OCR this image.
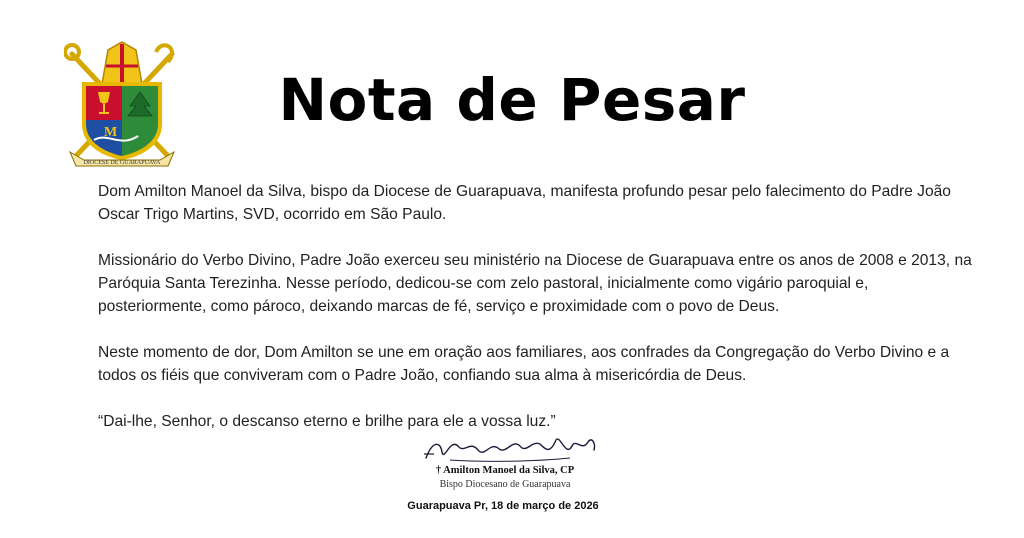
M
DIOCESE DE GUARAPUAVA
Nota de Pesar

Dom Amilton Manoel da Silva, bispo da Diocese de Guarapuava, manifesta profundo pesar pelo falecimento do Padre João Oscar Trigo Martins, SVD, ocorrido em São Paulo.

Missionário do Verbo Divino, Padre João exerceu seu ministério na Diocese de Guarapuava entre os anos de 2008 e 2013, na Paróquia Santa Terezinha. Nesse período, dedicou-se com zelo pastoral, inicialmente como vigário paroquial e, posteriormente, como pároco, deixando marcas de fé, serviço e proximidade com o povo de Deus.

Neste momento de dor, Dom Amilton se une em oração aos familiares, aos confrades da Congregação do Verbo Divino e a todos os fiéis que conviveram com o Padre João, confiando sua alma à misericórdia de Deus.

“Dai-lhe, Senhor, o descanso eterno e brilhe para ele a vossa luz.”

† Amilton Manoel da Silva, CP
Bispo Diocesano de Guarapuava
Guarapuava Pr, 18 de março de 2026
